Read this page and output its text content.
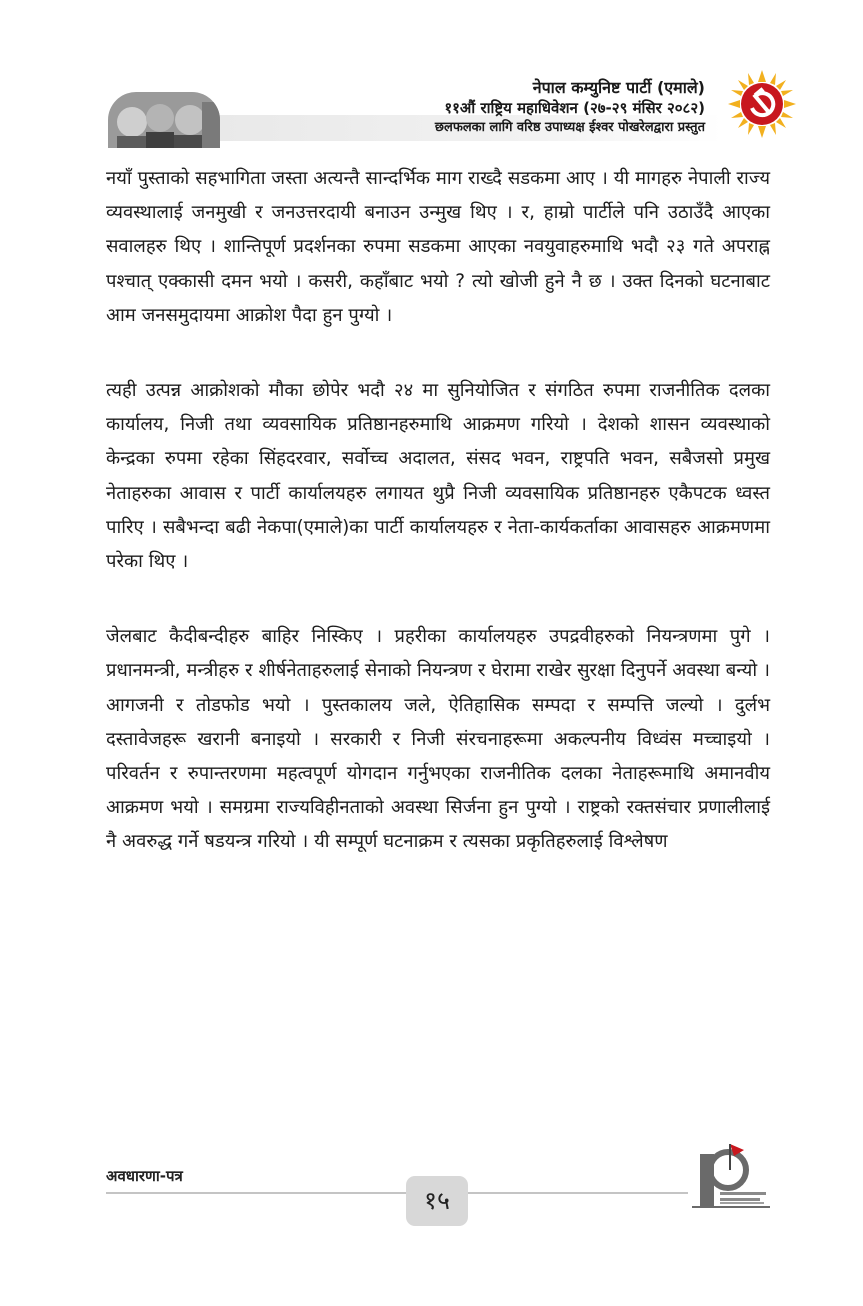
नेपाल कम्युनिष्ट पार्टी (एमाले)
११औं राष्ट्रिय महाधिवेशन (२७-२९ मंसिर २०८२)
छलफलका लागि वरिष्ठ उपाध्यक्ष ईश्वर पोखरेलद्वारा प्रस्तुत

नयाँ पुस्ताको सहभागिता जस्ता अत्यन्तै सान्दर्भिक माग राख्दै सडकमा आए । यी मागहरु नेपाली राज्य व्यवस्थालाई जनमुखी र जनउत्तरदायी बनाउन उन्मुख थिए । र, हाम्रो पार्टीले पनि उठाउँदै आएका सवालहरु थिए । शान्तिपूर्ण प्रदर्शनका रुपमा सडकमा आएका नवयुवाहरुमाथि भदौ २३ गते अपराह्न पश्चात् एक्कासी दमन भयो । कसरी, कहाँबाट भयो ? त्यो खोजी हुने नै छ । उक्त दिनको घटनाबाट आम जनसमुदायमा आक्रोश पैदा हुन पुग्यो ।

त्यही उत्पन्न आक्रोशको मौका छोपेर भदौ २४ मा सुनियोजित र संगठित रुपमा राजनीतिक दलका कार्यालय, निजी तथा व्यवसायिक प्रतिष्ठानहरुमाथि आक्रमण गरियो । देशको शासन व्यवस्थाको केन्द्रका रुपमा रहेका सिंहदरवार, सर्वोच्च अदालत, संसद भवन, राष्ट्रपति भवन, सबैजसो प्रमुख नेताहरुका आवास र पार्टी कार्यालयहरु लगायत थुप्रै निजी व्यवसायिक प्रतिष्ठानहरु एकैपटक ध्वस्त पारिए । सबैभन्दा बढी नेकपा(एमाले)का पार्टी कार्यालयहरु र नेता-कार्यकर्ताका आवासहरु आक्रमणमा परेका थिए ।

जेलबाट कैदीबन्दीहरु बाहिर निस्किए । प्रहरीका कार्यालयहरु उपद्रवीहरुको नियन्त्रणमा पुगे । प्रधानमन्त्री, मन्त्रीहरु र शीर्षनेताहरुलाई सेनाको नियन्त्रण र घेरामा राखेर सुरक्षा दिनुपर्ने अवस्था बन्यो । आगजनी र तोडफोड भयो । पुस्तकालय जले, ऐतिहासिक सम्पदा र सम्पत्ति जल्यो । दुर्लभ दस्तावेजहरू खरानी बनाइयो । सरकारी र निजी संरचनाहरूमा अकल्पनीय विध्वंस मच्चाइयो । परिवर्तन र रुपान्तरणमा महत्वपूर्ण योगदान गर्नुभएका राजनीतिक दलका नेताहरूमाथि अमानवीय आक्रमण भयो । समग्रमा राज्यविहीनताको अवस्था सिर्जना हुन पुग्यो । राष्ट्रको रक्तसंचार प्रणालीलाई नै अवरुद्ध गर्ने षडयन्त्र गरियो । यी सम्पूर्ण घटनाक्रम र त्यसका प्रकृतिहरुलाई विश्लेषण

अवधारणा-पत्र
१५
